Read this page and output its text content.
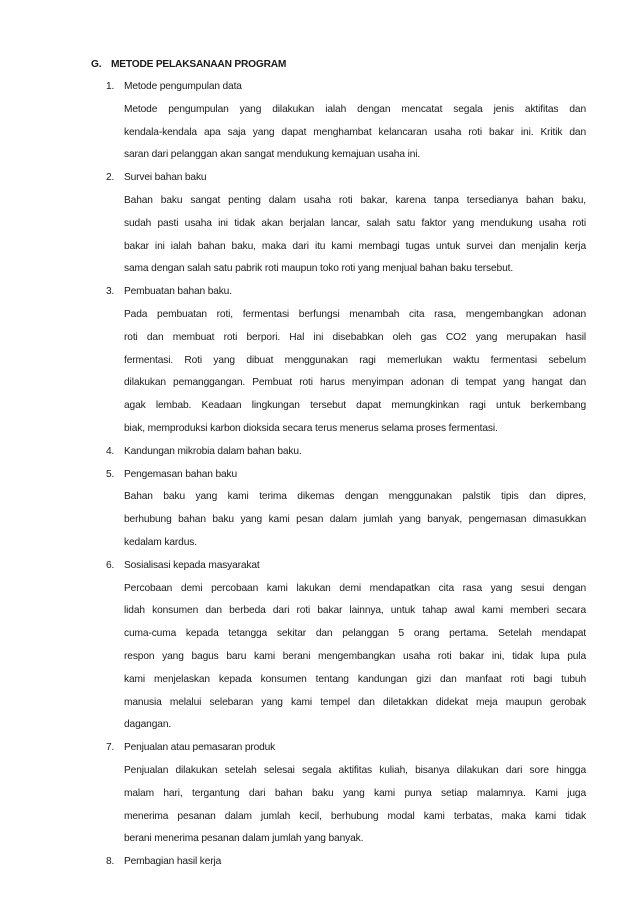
G. METODE PELAKSANAAN PROGRAM
1. Metode pengumpulan data
Metode pengumpulan yang dilakukan ialah dengan mencatat segala jenis aktifitas dan
kendala-kendala apa saja yang dapat menghambat kelancaran usaha roti bakar ini. Kritik dan
saran dari pelanggan akan sangat mendukung kemajuan usaha ini.
2. Survei bahan baku
Bahan baku sangat penting dalam usaha roti bakar, karena tanpa tersedianya bahan baku,
sudah pasti usaha ini tidak akan berjalan lancar, salah satu faktor yang mendukung usaha roti
bakar ini ialah bahan baku, maka dari itu kami membagi tugas untuk survei dan menjalin kerja
sama dengan salah satu pabrik roti maupun toko roti yang menjual bahan baku tersebut.
3. Pembuatan bahan baku.
Pada pembuatan roti, fermentasi berfungsi menambah cita rasa, mengembangkan adonan
roti dan membuat roti berpori. Hal ini disebabkan oleh gas CO2 yang merupakan hasil
fermentasi. Roti yang dibuat menggunakan ragi memerlukan waktu fermentasi sebelum
dilakukan pemanggangan. Pembuat roti harus menyimpan adonan di tempat yang hangat dan
agak lembab. Keadaan lingkungan tersebut dapat memungkinkan ragi untuk berkembang
biak, memproduksi karbon dioksida secara terus menerus selama proses fermentasi.
4. Kandungan mikrobia dalam bahan baku.
5. Pengemasan bahan baku
Bahan baku yang kami terima dikemas dengan menggunakan palstik tipis dan dipres,
berhubung bahan baku yang kami pesan dalam jumlah yang banyak, pengemasan dimasukkan
kedalam kardus.
6. Sosialisasi kepada masyarakat
Percobaan demi percobaan kami lakukan demi mendapatkan cita rasa yang sesui dengan
lidah konsumen dan berbeda dari roti bakar lainnya, untuk tahap awal kami memberi secara
cuma-cuma kepada tetangga sekitar dan pelanggan 5 orang pertama. Setelah mendapat
respon yang bagus baru kami berani mengembangkan usaha roti bakar ini, tidak lupa pula
kami menjelaskan kepada konsumen tentang kandungan gizi dan manfaat roti bagi tubuh
manusia melalui selebaran yang kami tempel dan diletakkan didekat meja maupun gerobak
dagangan.
7. Penjualan atau pemasaran produk
Penjualan dilakukan setelah selesai segala aktifitas kuliah, bisanya dilakukan dari sore hingga
malam hari, tergantung dari bahan baku yang kami punya setiap malamnya. Kami juga
menerima pesanan dalam jumlah kecil, berhubung modal kami terbatas, maka kami tidak
berani menerima pesanan dalam jumlah yang banyak.
8. Pembagian hasil kerja
